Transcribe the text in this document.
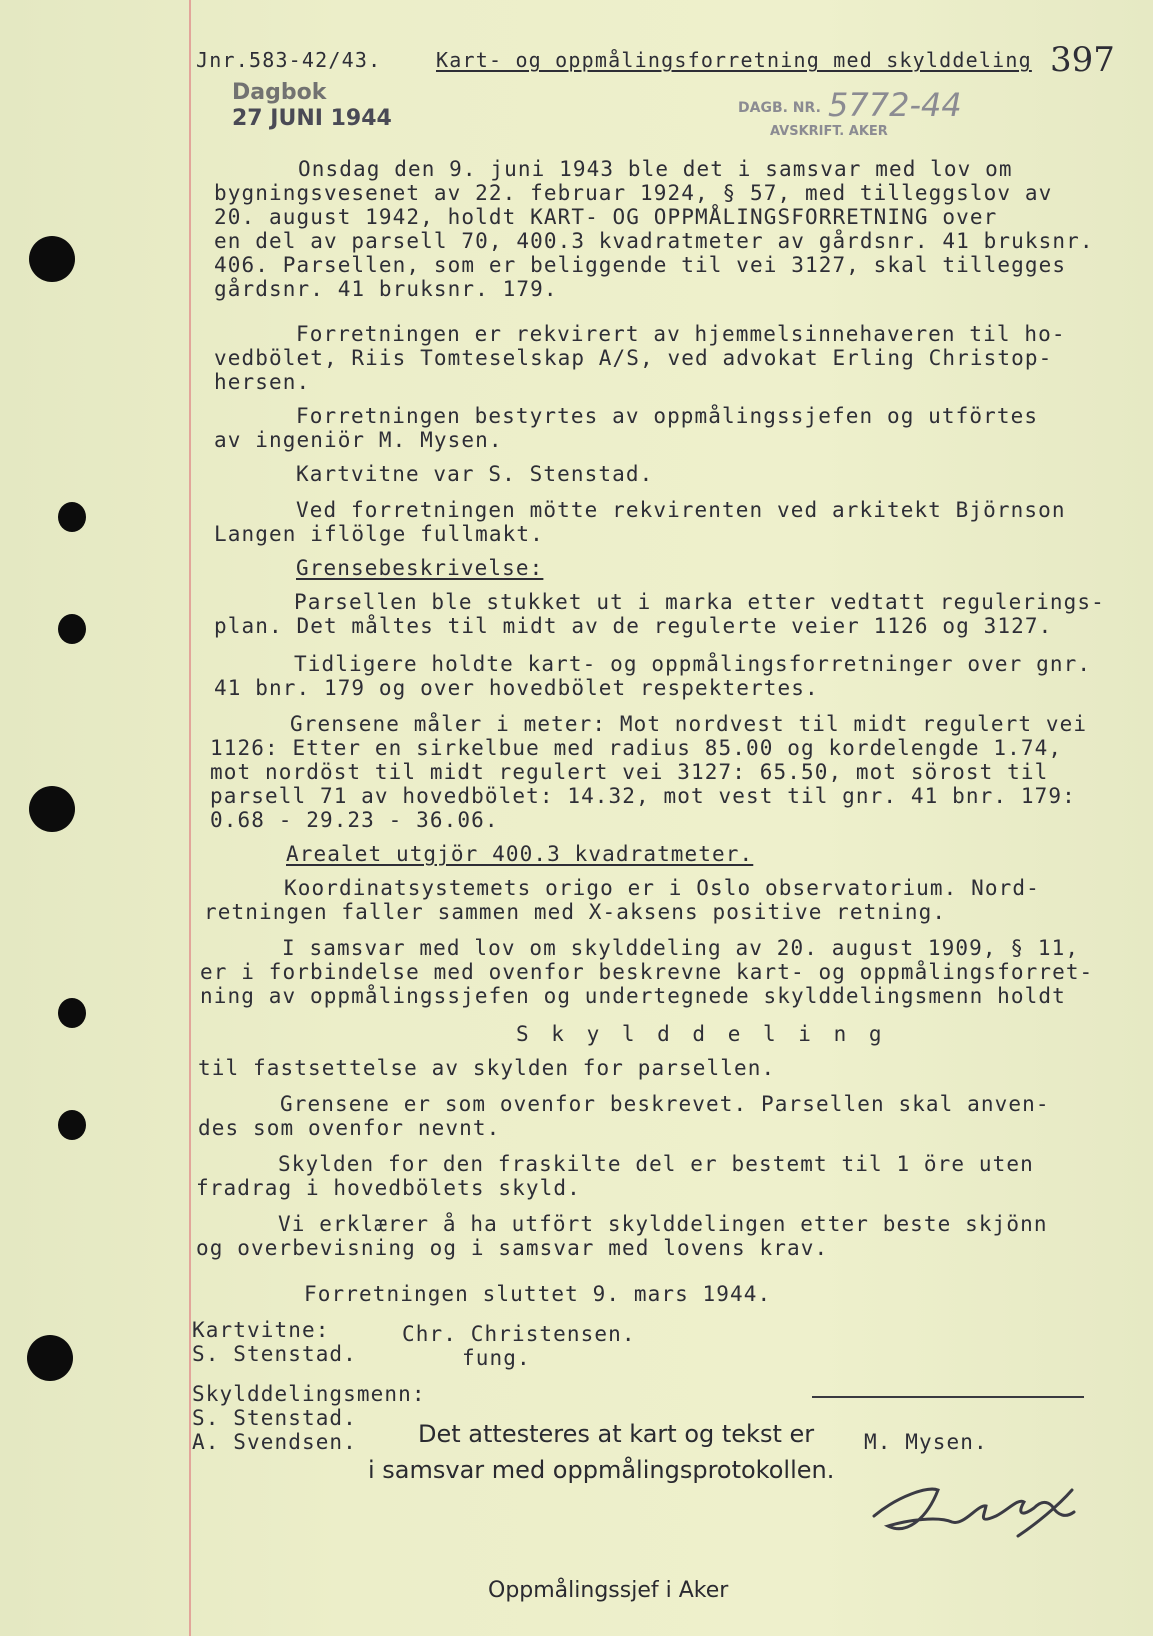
Jnr.583-42/43.	Kart- og oppmålingsforretning med skylddeling 397
Dagbok
27 JUNI 1944	DAGB. NR. 5772-44
AVSKRIFT. AKER
Onsdag den 9. juni 1943 ble det i samsvar med lov om
bygningsvesenet av 22. februar 1924, § 57, med tilleggslov av
20. august 1942, holdt KART- OG OPPMÅLINGSFORRETNING over
en del av parsell 70, 400.3 kvadratmeter av gårdsnr. 41 bruksnr.
406. Parsellen, som er beliggende til vei 3127, skal tillegges
gårdsnr. 41 bruksnr. 179.
Forretningen er rekvirert av hjemmelsinnehaveren til ho-
vedbölet, Riis Tomteselskap A/S, ved advokat Erling Christop-
hersen.
Forretningen bestyrtes av oppmålingssjefen og utförtes
av ingeniör M. Mysen.
Kartvitne var S. Stenstad.
Ved forretningen mötte rekvirenten ved arkitekt Björnson
Langen iflölge fullmakt.
Grensebeskrivelse:
Parsellen ble stukket ut i marka etter vedtatt regulerings-
plan. Det måltes til midt av de regulerte veier 1126 og 3127.
Tidligere holdte kart- og oppmålingsforretninger over gnr.
41 bnr. 179 og over hovedbölet respektertes.
Grensene måler i meter: Mot nordvest til midt regulert vei
1126: Etter en sirkelbue med radius 85.00 og kordelengde 1.74,
mot nordöst til midt regulert vei 3127: 65.50, mot sörost til
parsell 71 av hovedbölet: 14.32, mot vest til gnr. 41 bnr. 179:
0.68 - 29.23 - 36.06.
Arealet utgjör 400.3 kvadratmeter.
Koordinatsystemets origo er i Oslo observatorium. Nord-
retningen faller sammen med X-aksens positive retning.
I samsvar med lov om skylddeling av 20. august 1909, § 11,
er i forbindelse med ovenfor beskrevne kart- og oppmålingsforret-
ning av oppmålingssjefen og undertegnede skylddelingsmenn holdt
S k y l d d e l i n g
til fastsettelse av skylden for parsellen.
Grensene er som ovenfor beskrevet. Parsellen skal anven-
des som ovenfor nevnt.
Skylden for den fraskilte del er bestemt til 1 öre uten
fradrag i hovedbölets skyld.
Vi erklærer å ha utfört skylddelingen etter beste skjönn
og overbevisning og i samsvar med lovens krav.
Forretningen sluttet 9. mars 1944.
Kartvitne:
S. Stenstad.
Chr. Christensen.
fung.
Skylddelingsmenn:
S. Stenstad.
A. Svendsen.	M. Mysen.
Det attesteres at kart og tekst er
i samsvar med oppmålingsprotokollen.
Oppmålingssjef i Aker
